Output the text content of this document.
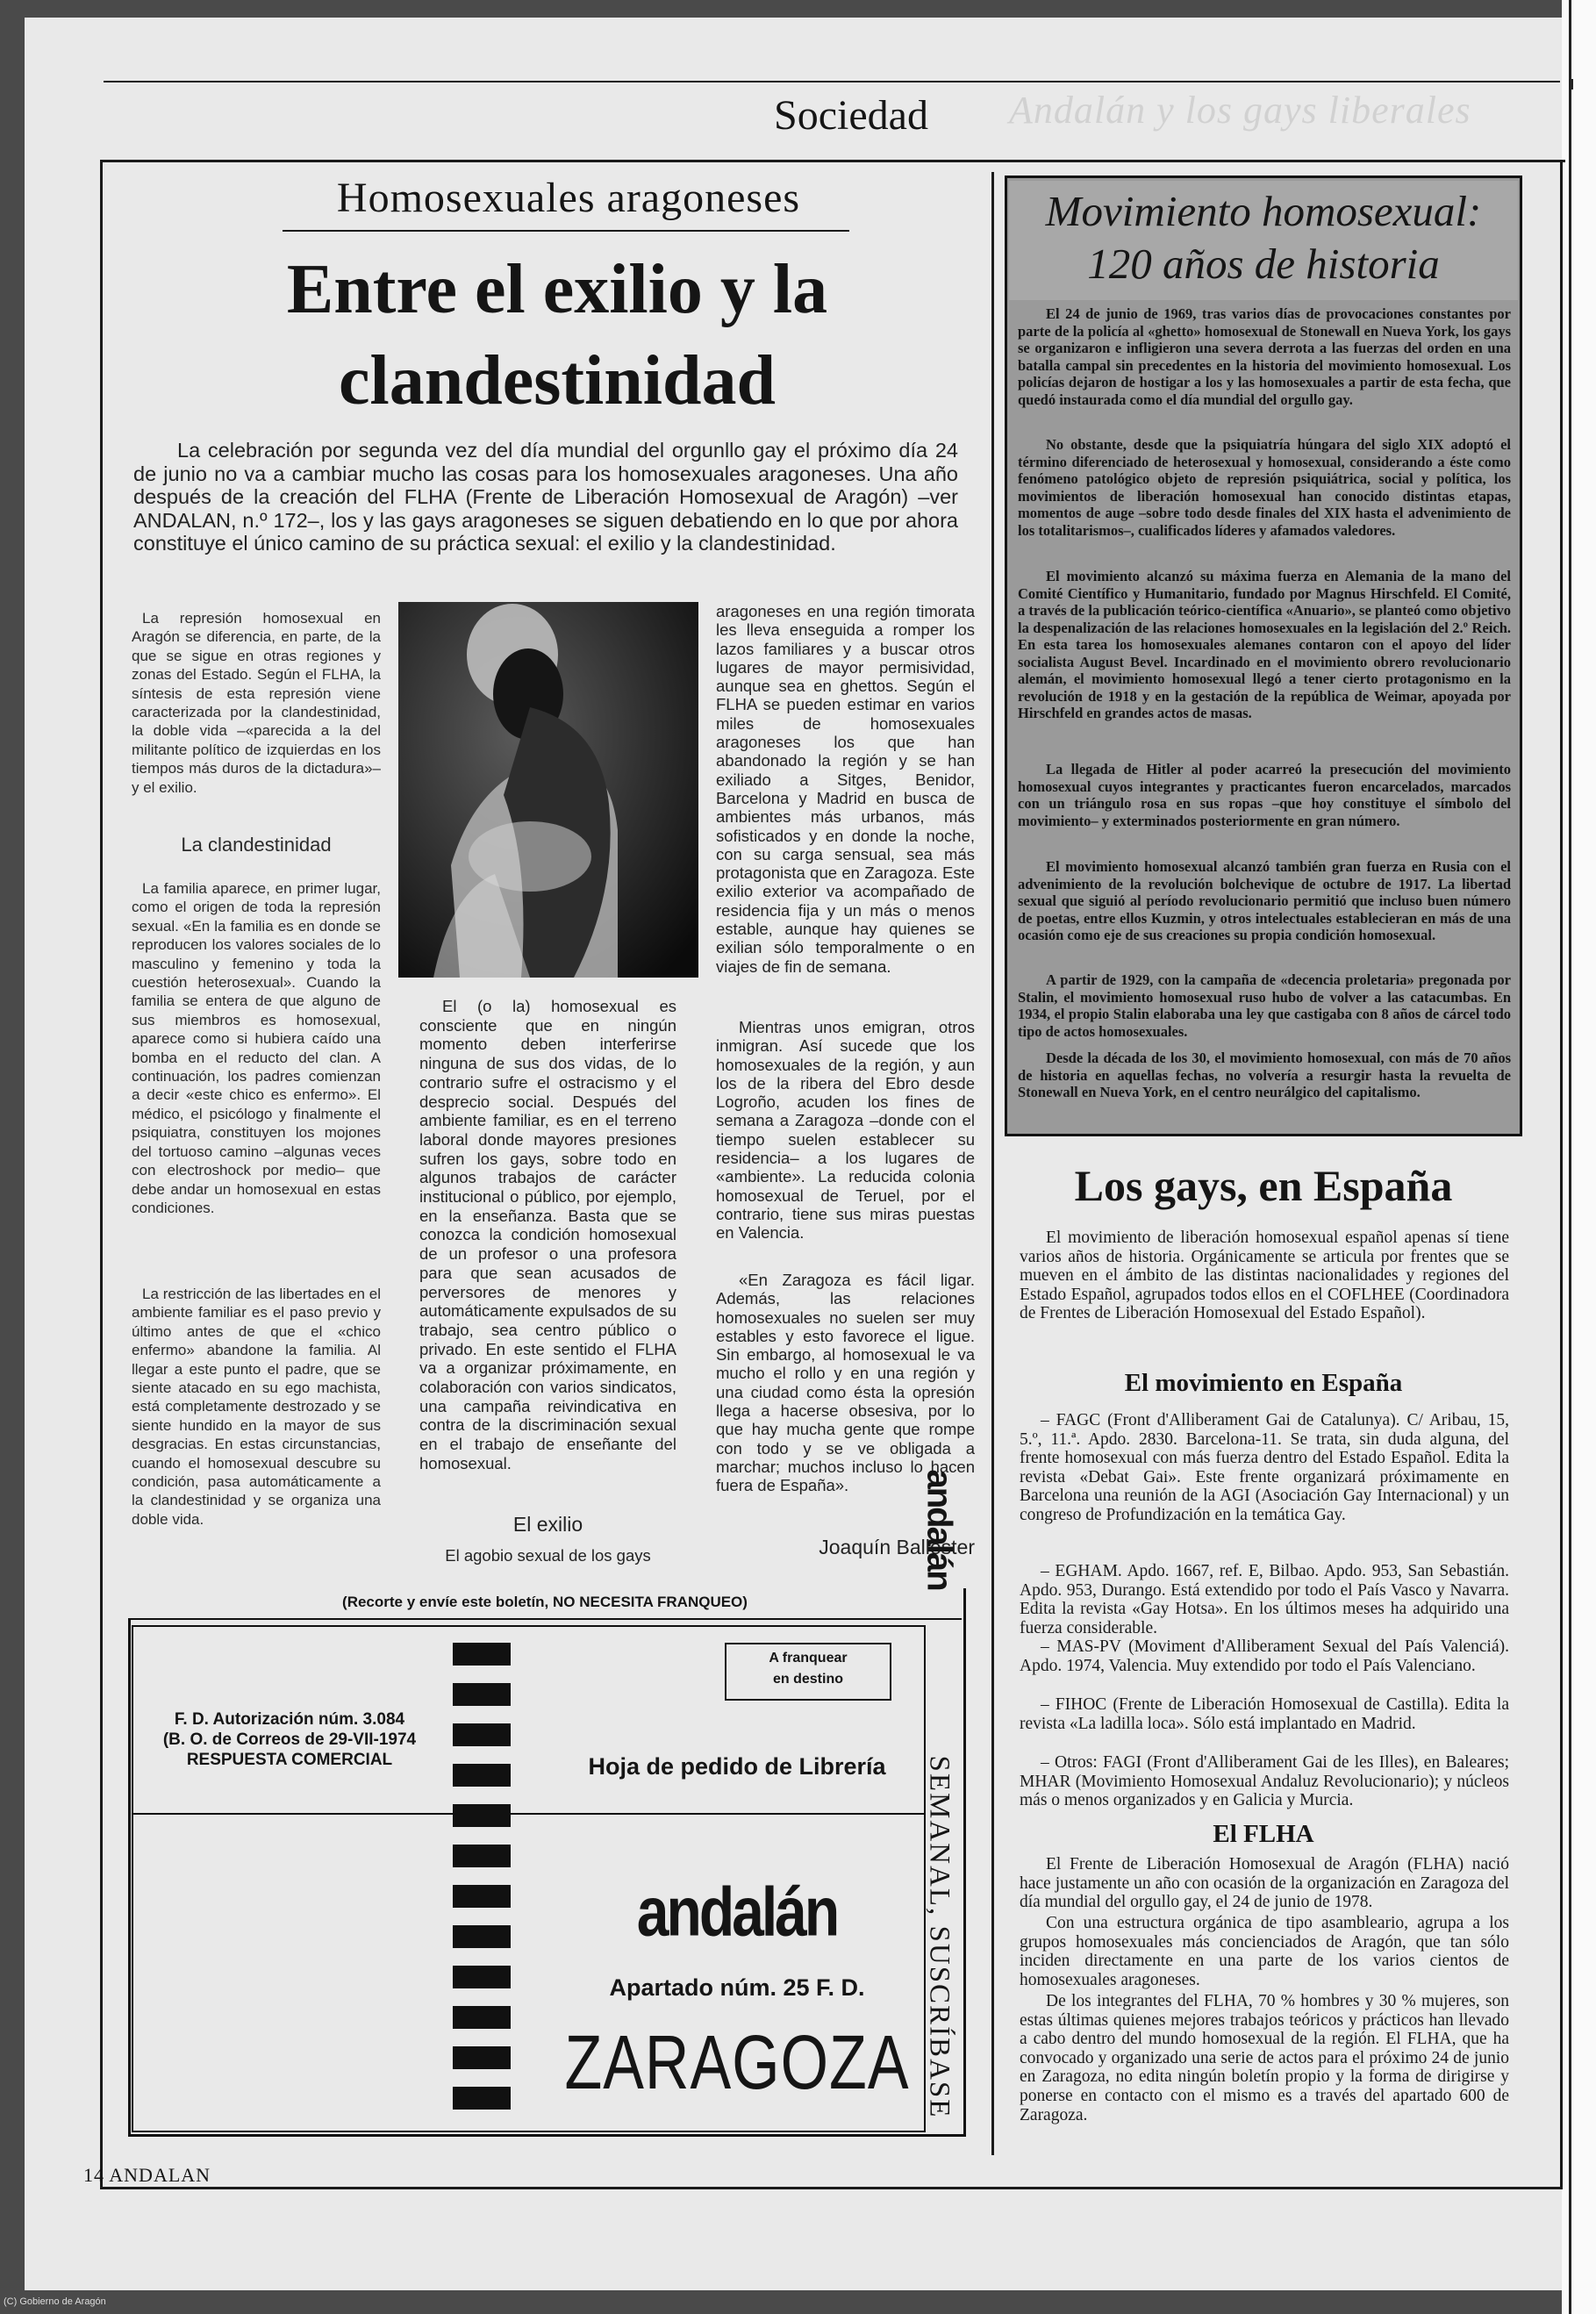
Andalán y los gays liberales
Sociedad
Homosexuales aragoneses
Entre el exilio y la
clandestinidad

La celebración por segunda vez del día mundial del orgunllo gay el próximo día 24 de junio no va a cambiar mucho las cosas para los homosexuales aragoneses. Una año después de la creación del FLHA (Frente de Liberación Homosexual de Aragón) –ver ANDALAN, n.º 172–, los y las gays aragoneses se siguen debatiendo en lo que por ahora constituye el único camino de su práctica sexual: el exilio y la clandestinidad.

La represión homosexual en Aragón se diferencia, en parte, de la que se sigue en otras regiones y zonas del Estado. Según el FLHA, la síntesis de esta represión viene caracterizada por la clandestinidad, la doble vida –«parecida a la del militante político de izquierdas en los tiempos más duros de la dictadura»– y el exilio.

La clandestinidad

La familia aparece, en primer lugar, como el origen de toda la represión sexual. «En la familia es en donde se reproducen los valores sociales de lo masculino y femenino y toda la cuestión heterosexual». Cuando la familia se entera de que alguno de sus miembros es homosexual, aparece como si hubiera caído una bomba en el reducto del clan. A continuación, los padres comienzan a decir «este chico es enfermo». El médico, el psicólogo y finalmente el psiquiatra, constituyen los mojones del tortuoso camino –algunas veces con electroshock por medio– que debe andar un homosexual en estas condiciones.

La restricción de las libertades en el ambiente familiar es el paso previo y último antes de que el «chico enfermo» abandone la familia. Al llegar a este punto el padre, que se siente atacado en su ego machista, está completamente destrozado y se siente hundido en la mayor de sus desgracias. En estas circunstancias, cuando el homosexual descubre su condición, pasa automáticamente a la clandestinidad y se organiza una doble vida.

El (o la) homosexual es consciente que en ningún momento deben interferirse ninguna de sus dos vidas, de lo contrario sufre el ostracismo y el desprecio social. Después del ambiente familiar, es en el terreno laboral donde mayores presiones sufren los gays, sobre todo en algunos trabajos de carácter institucional o público, por ejemplo, en la enseñanza. Basta que se conozca la condición homosexual de un profesor o una profesora para que sean acusados de perversores de menores y automáticamente expulsados de su trabajo, sea centro público o privado. En este sentido el FLHA va a organizar próximamente, en colaboración con varios sindicatos, una campaña reivindicativa en contra de la discriminación sexual en el trabajo de enseñante del homosexual.

El exilio
El agobio sexual de los gays

aragoneses en una región timorata les lleva enseguida a romper los lazos familiares y a buscar otros lugares de mayor permisividad, aunque sea en ghettos. Según el FLHA se pueden estimar en varios miles de homosexuales aragoneses los que han abandonado la región y se han exiliado a Sitges, Benidor, Barcelona y Madrid en busca de ambientes más urbanos, más sofisticados y en donde la noche, con su carga sensual, sea más protagonista que en Zaragoza. Este exilio exterior va acompañado de residencia fija y un más o menos estable, aunque hay quienes se exilian sólo temporalmente o en viajes de fin de semana.

Mientras unos emigran, otros inmigran. Así sucede que los homosexuales de la región, y aun los de la ribera del Ebro desde Logroño, acuden los fines de semana a Zaragoza –donde con el tiempo suelen establecer su residencia– a los lugares de «ambiente». La reducida colonia homosexual de Teruel, por el contrario, tiene sus miras puestas en Valencia.

«En Zaragoza es fácil ligar. Además, las relaciones homosexuales no suelen ser muy estables y esto favorece el ligue. Sin embargo, al homosexual le va mucho el rollo y en una región y una ciudad como ésta la opresión llega a hacerse obsesiva, por lo que hay mucha gente que rompe con todo y se ve obligada a marchar; muchos incluso lo hacen fuera de España».

Joaquín Ballester
Movimiento homosexual:
120 años de historia

El 24 de junio de 1969, tras varios días de provocaciones constantes por parte de la policía al «ghetto» homosexual de Stonewall en Nueva York, los gays se organizaron e infligieron una severa derrota a las fuerzas del orden en una batalla campal sin precedentes en la historia del movimiento homosexual. Los policías dejaron de hostigar a los y las homosexuales a partir de esta fecha, que quedó instaurada como el día mundial del orgullo gay.

No obstante, desde que la psiquiatría húngara del siglo XIX adoptó el término diferenciado de heterosexual y homosexual, considerando a éste como fenómeno patológico objeto de represión psiquiátrica, social y política, los movimientos de liberación homosexual han conocido distintas etapas, momentos de auge –sobre todo desde finales del XIX hasta el advenimiento de los totalitarismos–, cualificados líderes y afamados valedores.

El movimiento alcanzó su máxima fuerza en Alemania de la mano del Comité Científico y Humanitario, fundado por Magnus Hirschfeld. El Comité, a través de la publicación teórico-científica «Anuario», se planteó como objetivo la despenalización de las relaciones homosexuales en la legislación del 2.º Reich. En esta tarea los homosexuales alemanes contaron con el apoyo del líder socialista August Bevel. Incardinado en el movimiento obrero revolucionario alemán, el movimiento homosexual llegó a tener cierto protagonismo en la revolución de 1918 y en la gestación de la república de Weimar, apoyada por Hirschfeld en grandes actos de masas.

La llegada de Hitler al poder acarreó la presecución del movimiento homosexual cuyos integrantes y practicantes fueron encarcelados, marcados con un triángulo rosa en sus ropas –que hoy constituye el símbolo del movimiento– y exterminados posteriormente en gran número.

El movimiento homosexual alcanzó también gran fuerza en Rusia con el advenimiento de la revolución bolchevique de octubre de 1917. La libertad sexual que siguió al período revolucionario permitió que incluso buen número de poetas, entre ellos Kuzmin, y otros intelectuales establecieran en más de una ocasión como eje de sus creaciones su propia condición homosexual.

A partir de 1929, con la campaña de «decencia proletaria» pregonada por Stalin, el movimiento homosexual ruso hubo de volver a las catacumbas. En 1934, el propio Stalin elaboraba una ley que castigaba con 8 años de cárcel todo tipo de actos homosexuales.

Desde la década de los 30, el movimiento homosexual, con más de 70 años de historia en aquellas fechas, no volvería a resurgir hasta la revuelta de Stonewall en Nueva York, en el centro neurálgico del capitalismo.

Los gays, en España

El movimiento de liberación homosexual español apenas sí tiene varios años de historia. Orgánicamente se articula por frentes que se mueven en el ámbito de las distintas nacionalidades y regiones del Estado Español, agrupados todos ellos en el COFLHEE (Coordinadora de Frentes de Liberación Homosexual del Estado Español).

El movimiento en España

– FAGC (Front d'Alliberament Gai de Catalunya). C/ Aribau, 15, 5.º, 11.ª. Apdo. 2830. Barcelona-11. Se trata, sin duda alguna, del frente homosexual con más fuerza dentro del Estado Español. Edita la revista «Debat Gai». Este frente organizará próximamente en Barcelona una reunión de la AGI (Asociación Gay Internacional) y un congreso de Profundización en la temática Gay.

– EGHAM. Apdo. 1667, ref. E, Bilbao. Apdo. 953, San Sebastián. Apdo. 953, Durango. Está extendido por todo el País Vasco y Navarra. Edita la revista «Gay Hotsa». En los últimos meses ha adquirido una fuerza considerable.

– MAS-PV (Moviment d'Alliberament Sexual del País Valenciá). Apdo. 1974, Valencia. Muy extendido por todo el País Valenciano.

– FIHOC (Frente de Liberación Homosexual de Castilla). Edita la revista «La ladilla loca». Sólo está implantado en Madrid.

– Otros: FAGI (Front d'Alliberament Gai de les Illes), en Baleares; MHAR (Movimiento Homosexual Andaluz Revolucionario); y núcleos más o menos organizados y en Galicia y Murcia.

El FLHA

El Frente de Liberación Homosexual de Aragón (FLHA) nació hace justamente un año con ocasión de la organización en Zaragoza del día mundial del orgullo gay, el 24 de junio de 1978.

Con una estructura orgánica de tipo asambleario, agrupa a los grupos homosexuales más concienciados de Aragón, que tan sólo inciden directamente en una parte de los varios cientos de homosexuales aragoneses.

De los integrantes del FLHA, 70 % hombres y 30 % mujeres, son estas últimas quienes mejores trabajos teóricos y prácticos han llevado a cabo dentro del mundo homosexual de la región. El FLHA, que ha convocado y organizado una serie de actos para el próximo 24 de junio en Zaragoza, no edita ningún boletín propio y la forma de dirigirse y ponerse en contacto con el mismo es a través del apartado 600 de Zaragoza.

(Recorte y envíe este boletín, NO NECESITA FRANQUEO)
F. D. Autorización núm. 3.084
(B. O. de Correos de 29-VII-1974
RESPUESTA COMERCIAL
A franquear
en destino
Hoja de pedido de Librería
andalán
Apartado núm. 25 F. D.
ZARAGOZA
andalán
SEMANAL, SUSCRÍBASE
14 ANDALAN
(C) Gobierno de Aragón
